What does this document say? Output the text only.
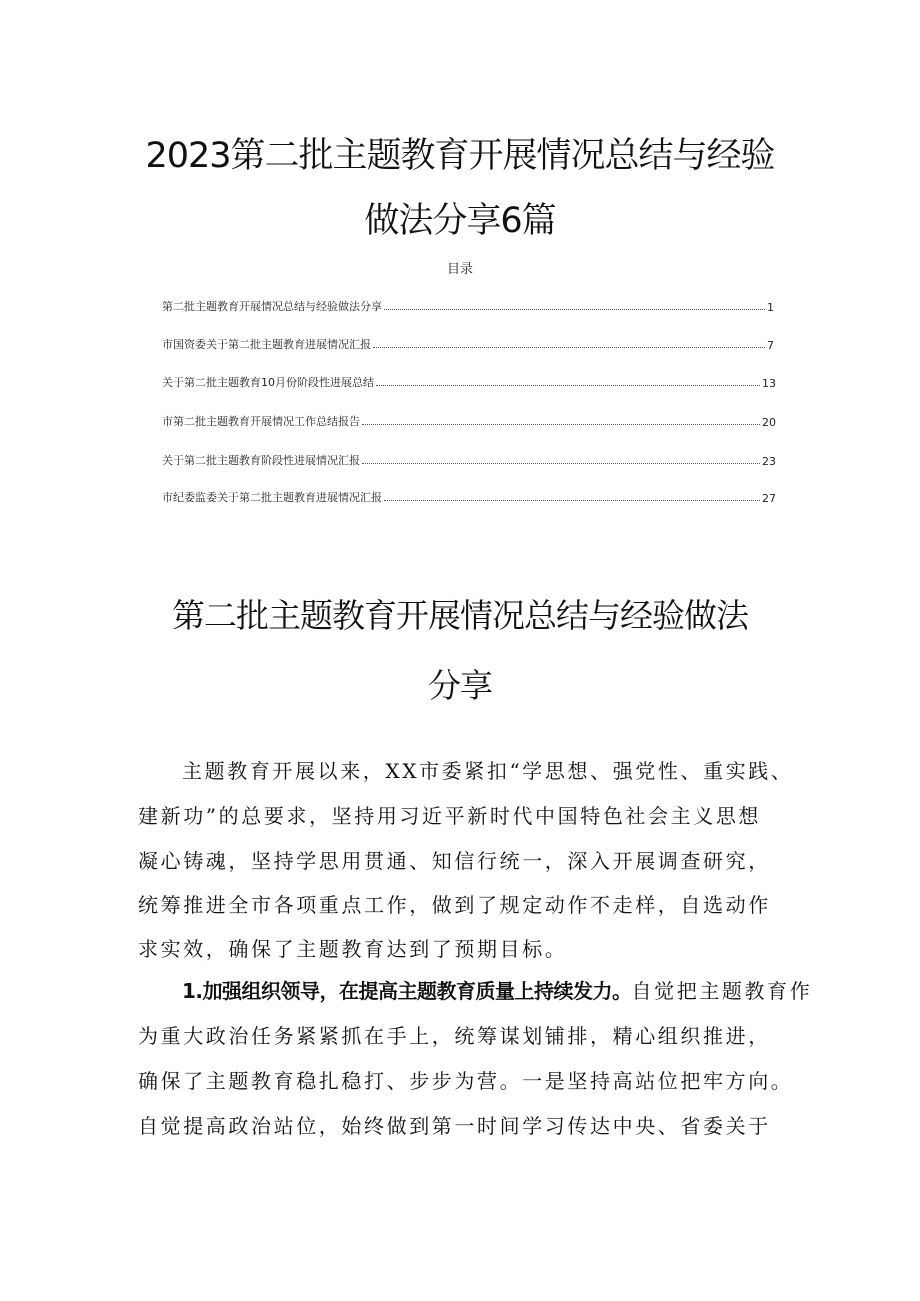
2023第二批主题教育开展情况总结与经验
做法分享6篇
目录
第二批主题教育开展情况总结与经验做法分享	1
市国资委关于第二批主题教育进展情况汇报	7
关于第二批主题教育10月份阶段性进展总结	13
市第二批主题教育开展情况工作总结报告	20
关于第二批主题教育阶段性进展情况汇报	23
市纪委监委关于第二批主题教育进展情况汇报	27
第二批主题教育开展情况总结与经验做法
分享
主题教育开展以来，XX市委紧扣“学思想、强党性、重实践、
建新功”的总要求，坚持用习近平新时代中国特色社会主义思想
凝心铸魂，坚持学思用贯通、知信行统一，深入开展调查研究，
统筹推进全市各项重点工作，做到了规定动作不走样，自选动作
求实效，确保了主题教育达到了预期目标。
1.加强组织领导，在提高主题教育质量上持续发力。自觉把主题教育作
为重大政治任务紧紧抓在手上，统筹谋划铺排，精心组织推进，
确保了主题教育稳扎稳打、步步为营。一是坚持高站位把牢方向。
自觉提高政治站位，始终做到第一时间学习传达中央、省委关于
